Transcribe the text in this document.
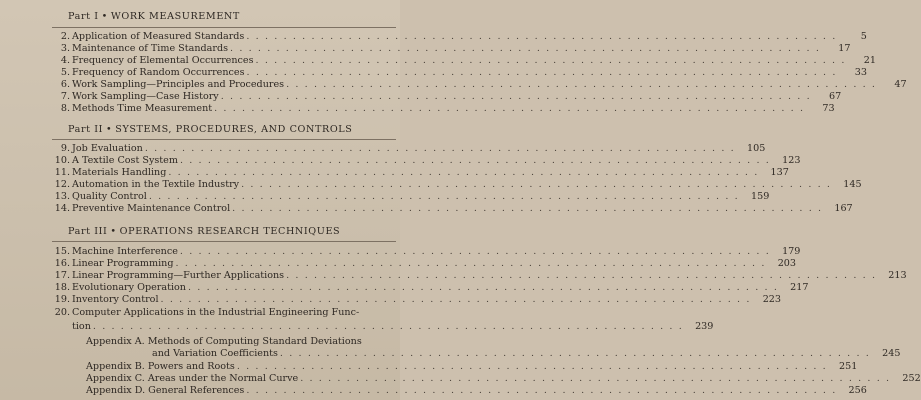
Part I • WORK MEASUREMENT
2. Application of Measured Standards . . . . . . . . . . . . . . . . . . . . . . . . . . . . . . . . . . . . . . . . . . . . . . . . . . . . . . . . . . . . . . . .	5
3. Maintenance of Time Standards . . . . . . . . . . . . . . . . . . . . . . . . . . . . . . . . . . . . . . . . . . . . . . . . . . . . . . . . . . . . . . . .	17
4. Frequency of Elemental Occurrences . . . . . . . . . . . . . . . . . . . . . . . . . . . . . . . . . . . . . . . . . . . . . . . . . . . . . . . . . . . . . . . .	21
5. Frequency of Random Occurrences . . . . . . . . . . . . . . . . . . . . . . . . . . . . . . . . . . . . . . . . . . . . . . . . . . . . . . . . . . . . . . . .	33
6. Work Sampling—Principles and Procedures . . . . . . . . . . . . . . . . . . . . . . . . . . . . . . . . . . . . . . . . . . . . . . . . . . . . . . . . . . . . . . . .	47
7. Work Sampling—Case History . . . . . . . . . . . . . . . . . . . . . . . . . . . . . . . . . . . . . . . . . . . . . . . . . . . . . . . . . . . . . . . .	67
8. Methods Time Measurement . . . . . . . . . . . . . . . . . . . . . . . . . . . . . . . . . . . . . . . . . . . . . . . . . . . . . . . . . . . . . . . .	73
Part II • SYSTEMS, PROCEDURES, AND CONTROLS
9. Job Evaluation . . . . . . . . . . . . . . . . . . . . . . . . . . . . . . . . . . . . . . . . . . . . . . . . . . . . . . . . . . . . . . . .	105
10. A Textile Cost System . . . . . . . . . . . . . . . . . . . . . . . . . . . . . . . . . . . . . . . . . . . . . . . . . . . . . . . . . . . . . . . .	123
11. Materials Handling . . . . . . . . . . . . . . . . . . . . . . . . . . . . . . . . . . . . . . . . . . . . . . . . . . . . . . . . . . . . . . . .	137
12. Automation in the Textile Industry . . . . . . . . . . . . . . . . . . . . . . . . . . . . . . . . . . . . . . . . . . . . . . . . . . . . . . . . . . . . . . . .	145
13. Quality Control . . . . . . . . . . . . . . . . . . . . . . . . . . . . . . . . . . . . . . . . . . . . . . . . . . . . . . . . . . . . . . . .	159
14. Preventive Maintenance Control . . . . . . . . . . . . . . . . . . . . . . . . . . . . . . . . . . . . . . . . . . . . . . . . . . . . . . . . . . . . . . . .	167
Part III • OPERATIONS RESEARCH TECHNIQUES
15. Machine Interference . . . . . . . . . . . . . . . . . . . . . . . . . . . . . . . . . . . . . . . . . . . . . . . . . . . . . . . . . . . . . . . .	179
16. Linear Programming . . . . . . . . . . . . . . . . . . . . . . . . . . . . . . . . . . . . . . . . . . . . . . . . . . . . . . . . . . . . . . . .	203
17. Linear Programming—Further Applications . . . . . . . . . . . . . . . . . . . . . . . . . . . . . . . . . . . . . . . . . . . . . . . . . . . . . . . . . . . . . . . .	213
18. Evolutionary Operation . . . . . . . . . . . . . . . . . . . . . . . . . . . . . . . . . . . . . . . . . . . . . . . . . . . . . . . . . . . . . . . .	217
19. Inventory Control . . . . . . . . . . . . . . . . . . . . . . . . . . . . . . . . . . . . . . . . . . . . . . . . . . . . . . . . . . . . . . . .	223
20. Computer Applications in the Industrial Engineering Func-
tion . . . . . . . . . . . . . . . . . . . . . . . . . . . . . . . . . . . . . . . . . . . . . . . . . . . . . . . . . . . . . . . .	239
Appendix A. Methods of Computing Standard Deviations
and Variation Coefficients . . . . . . . . . . . . . . . . . . . . . . . . . . . . . . . . . . . . . . . . . . . . . . . . . . . . . . . . . . . . . . . .	245
Appendix B. Powers and Roots . . . . . . . . . . . . . . . . . . . . . . . . . . . . . . . . . . . . . . . . . . . . . . . . . . . . . . . . . . . . . . . .	251
Appendix C. Areas under the Normal Curve . . . . . . . . . . . . . . . . . . . . . . . . . . . . . . . . . . . . . . . . . . . . . . . . . . . . . . . . . . . . . . . .	252
Appendix D. General References . . . . . . . . . . . . . . . . . . . . . . . . . . . . . . . . . . . . . . . . . . . . . . . . . . . . . . . . . . . . . . . .	256
